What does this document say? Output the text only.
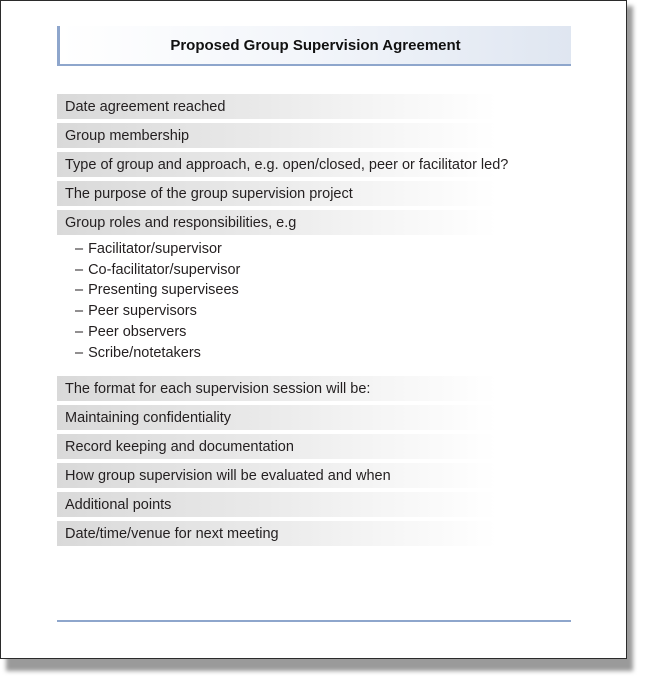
Proposed Group Supervision Agreement
Date agreement reached
Group membership
Type of group and approach, e.g. open/closed, peer or facilitator led?
The purpose of the group supervision project
Group roles and responsibilities, e.g
– Facilitator/supervisor
– Co-facilitator/supervisor
– Presenting supervisees
– Peer supervisors
– Peer observers
– Scribe/notetakers
The format for each supervision session will be:
Maintaining confidentiality
Record keeping and documentation
How group supervision will be evaluated and when
Additional points
Date/time/venue for next meeting
